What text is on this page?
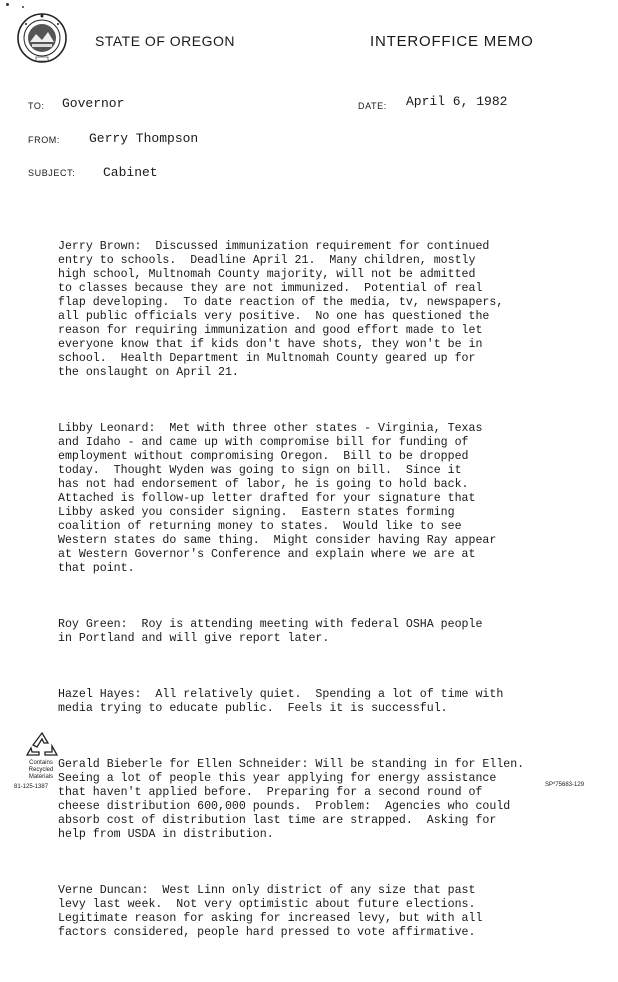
STATE OF OREGON	INTEROFFICE MEMO
TO: Governor	DATE: April 6, 1982
FROM: Gerry Thompson
SUBJECT: Cabinet

Jerry Brown:  Discussed immunization requirement for continued
entry to schools.  Deadline April 21.  Many children, mostly
high school, Multnomah County majority, will not be admitted
to classes because they are not immunized.  Potential of real
flap developing.  To date reaction of the media, tv, newspapers,
all public officials very positive.  No one has questioned the
reason for requiring immunization and good effort made to let
everyone know that if kids don't have shots, they won't be in
school.  Health Department in Multnomah County geared up for
the onslaught on April 21.

Libby Leonard:  Met with three other states - Virginia, Texas
and Idaho - and came up with compromise bill for funding of
employment without compromising Oregon.  Bill to be dropped
today.  Thought Wyden was going to sign on bill.  Since it
has not had endorsement of labor, he is going to hold back.
Attached is follow-up letter drafted for your signature that
Libby asked you consider signing.  Eastern states forming
coalition of returning money to states.  Would like to see
Western states do same thing.  Might consider having Ray appear
at Western Governor's Conference and explain where we are at
that point.

Roy Green:  Roy is attending meeting with federal OSHA people
in Portland and will give report later.

Hazel Hayes:  All relatively quiet.  Spending a lot of time with
media trying to educate public.  Feels it is successful.

Gerald Bieberle for Ellen Schneider: Will be standing in for Ellen.
Seeing a lot of people this year applying for energy assistance
that haven't applied before.  Preparing for a second round of
cheese distribution 600,000 pounds.  Problem:  Agencies who could
absorb cost of distribution last time are strapped.  Asking for
help from USDA in distribution.

Verne Duncan:  West Linn only district of any size that past
levy last week.  Not very optimistic about future elections.
Legitimate reason for asking for increased levy, but with all
factors considered, people hard pressed to vote affirmative.

Contains
Recycled
Materials
81-125-1387	SP*75683-129
